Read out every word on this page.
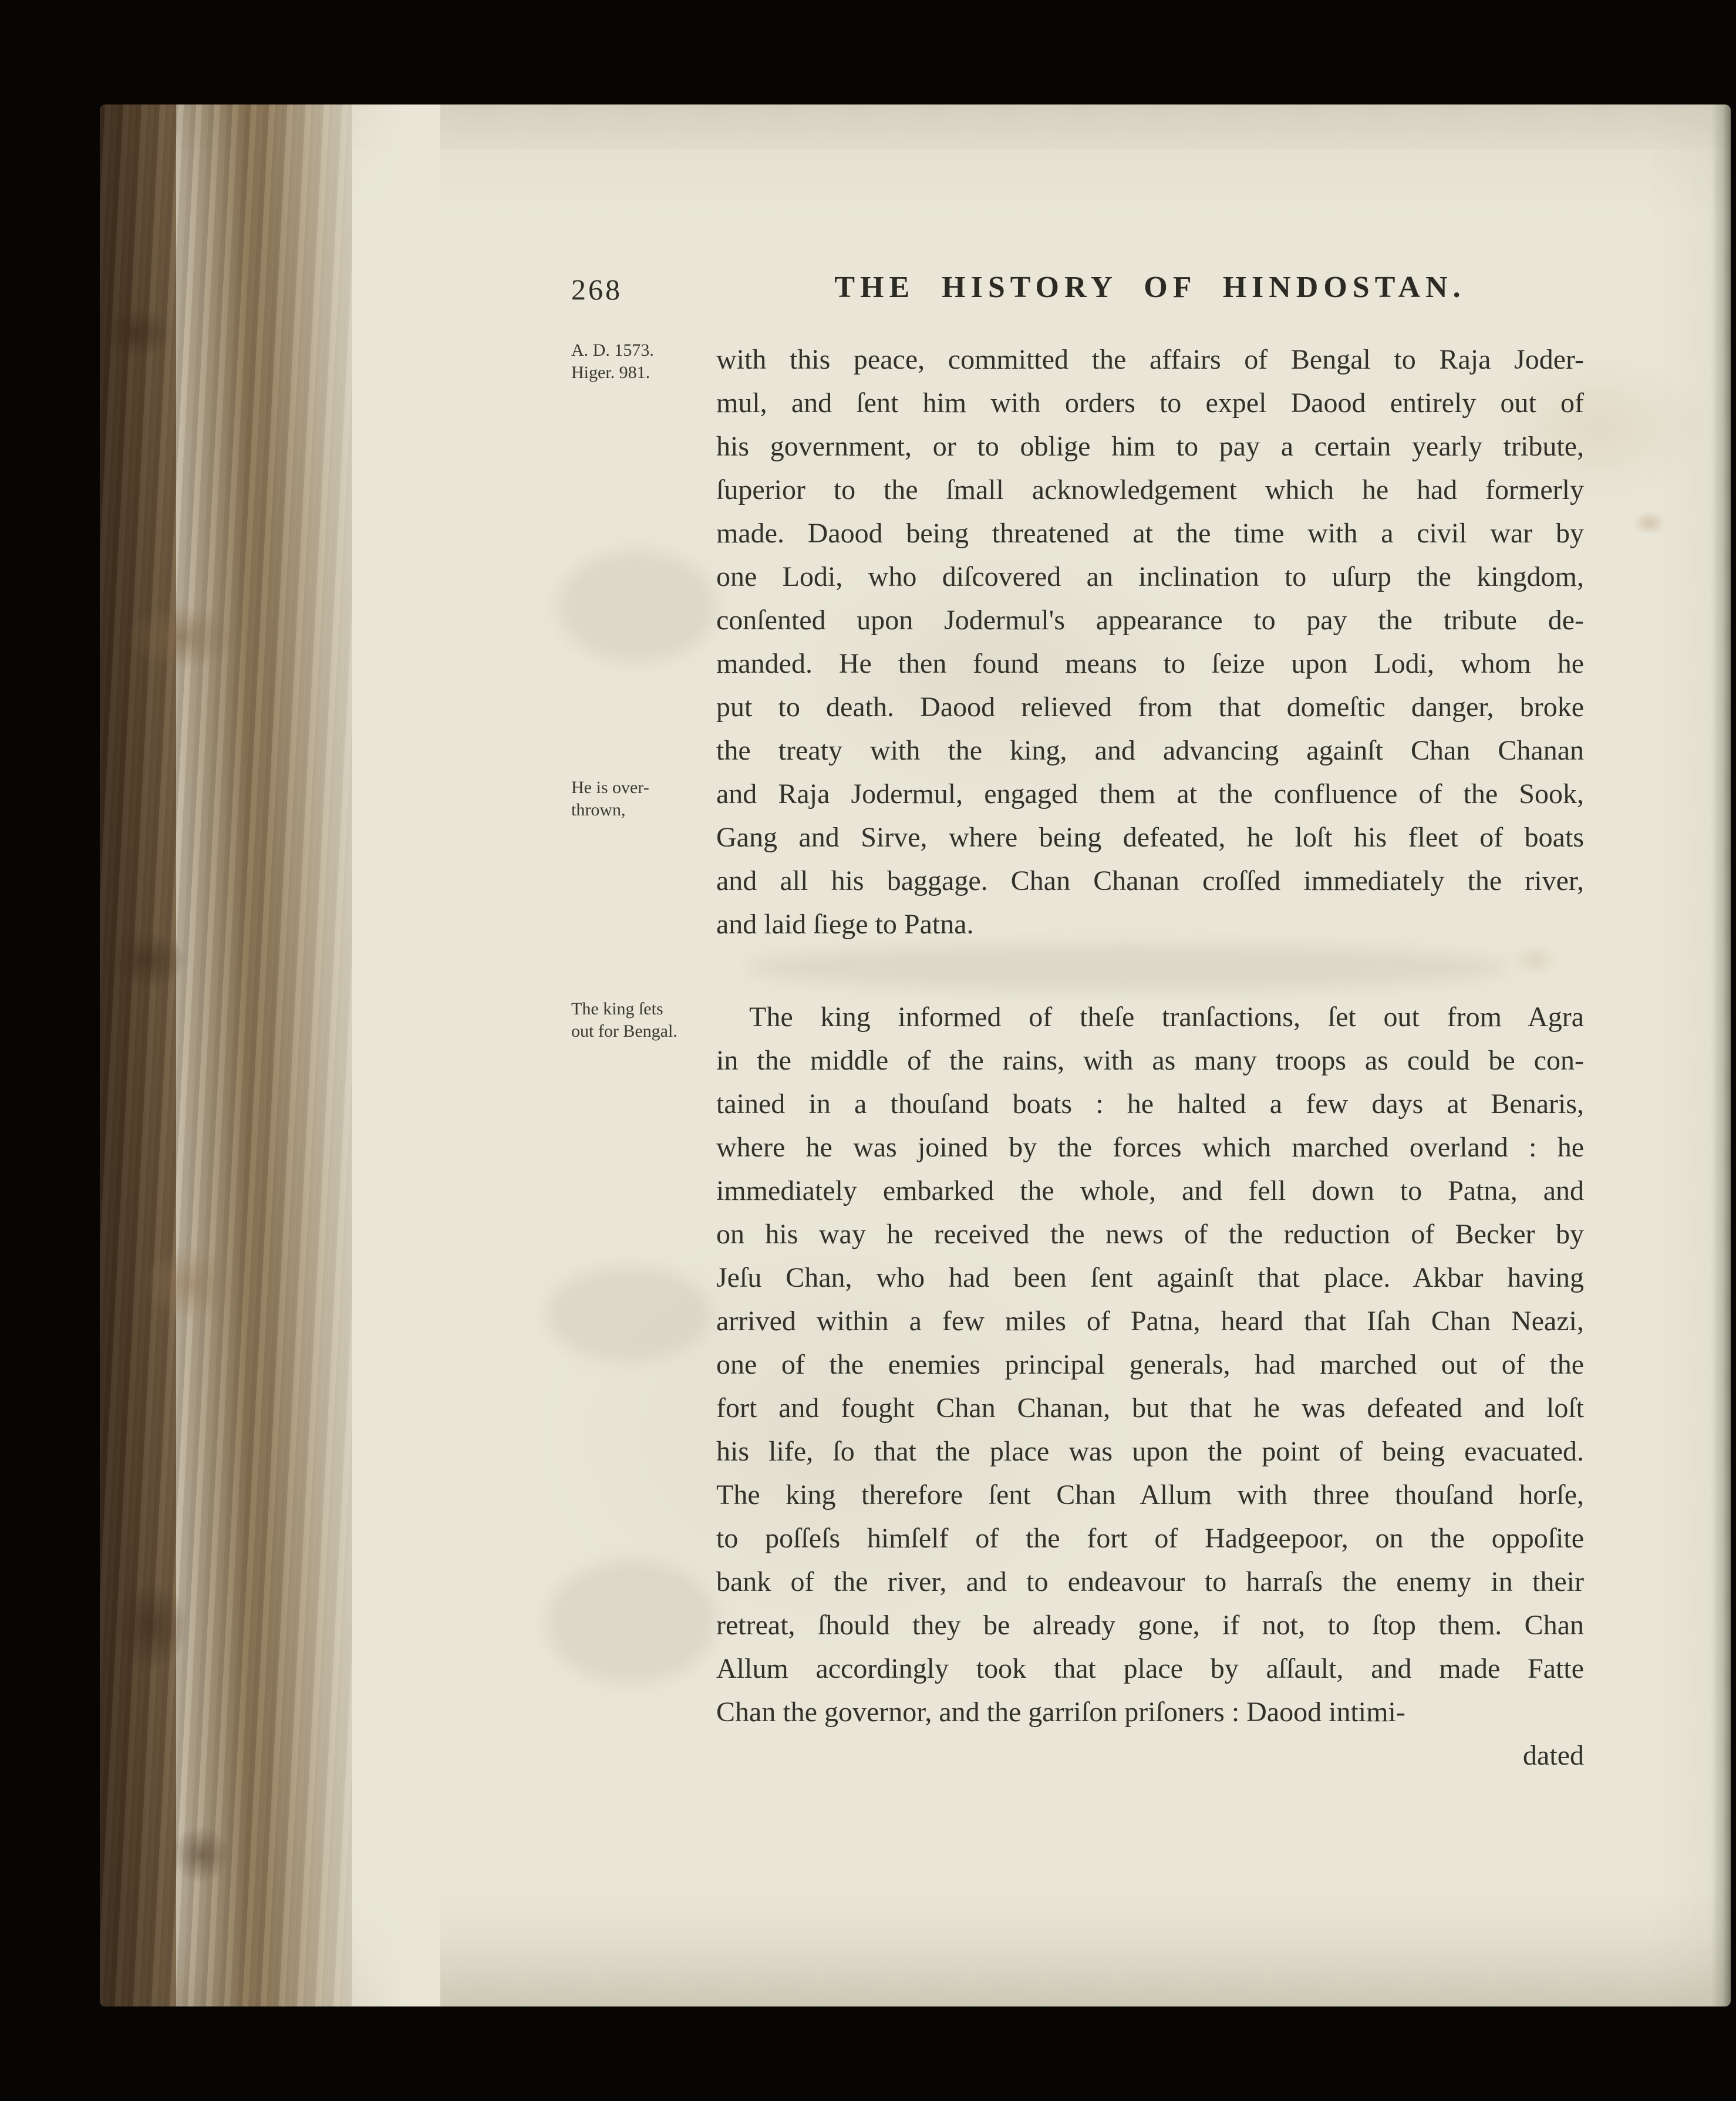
268	THE HISTORY OF HINDOSTAN.
A. D. 1573.
Higer. 981.
He is over-
thrown,
The king ſets
out for Bengal.
with this peace, committed the affairs of Bengal to Raja Joder-
mul, and ſent him with orders to expel Daood entirely out of
his government, or to oblige him to pay a certain yearly tribute,
ſuperior to the ſmall acknowledgement which he had formerly
made. Daood being threatened at the time with a civil war by
one Lodi, who diſcovered an inclination to uſurp the kingdom,
conſented upon Jodermul's appearance to pay the tribute de-
manded. He then found means to ſeize upon Lodi, whom he
put to death. Daood relieved from that domeſtic danger, broke
the treaty with the king, and advancing againſt Chan Chanan
and Raja Jodermul, engaged them at the confluence of the Sook,
Gang and Sirve, where being defeated, he loſt his fleet of boats
and all his baggage. Chan Chanan croſſed immediately the river,
and laid ſiege to Patna.
The king informed of theſe tranſactions, ſet out from Agra
in the middle of the rains, with as many troops as could be con-
tained in a thouſand boats : he halted a few days at Benaris,
where he was joined by the forces which marched overland : he
immediately embarked the whole, and fell down to Patna, and
on his way he received the news of the reduction of Becker by
Jeſu Chan, who had been ſent againſt that place. Akbar having
arrived within a few miles of Patna, heard that Iſah Chan Neazi,
one of the enemies principal generals, had marched out of the
fort and fought Chan Chanan, but that he was defeated and loſt
his life, ſo that the place was upon the point of being evacuated.
The king therefore ſent Chan Allum with three thouſand horſe,
to poſſeſs himſelf of the fort of Hadgeepoor, on the oppoſite
bank of the river, and to endeavour to harraſs the enemy in their
retreat, ſhould they be already gone, if not, to ſtop them. Chan
Allum accordingly took that place by aſſault, and made Fatte
Chan the governor, and the garriſon priſoners : Daood intimi-
dated
